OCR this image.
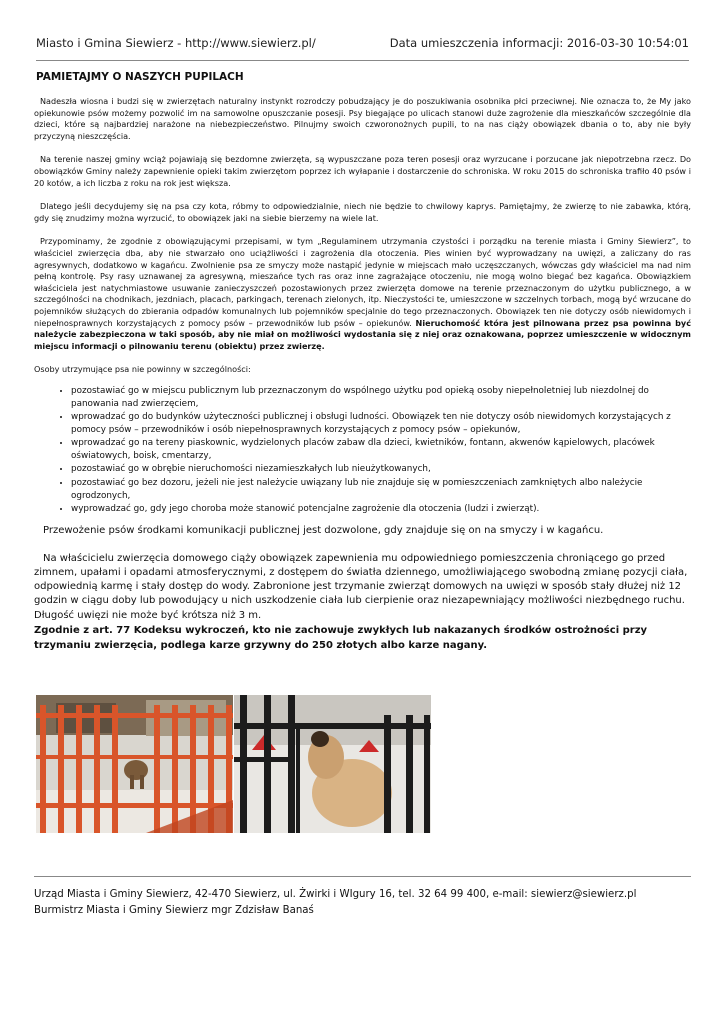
Miasto i Gmina Siewierz - http://www.siewierz.pl/	Data umieszczenia informacji: 2016-03-30 10:54:01
PAMIETAJMY O NASZYCH PUPILACH

Nadeszła wiosna i budzi się w zwierzętach naturalny instynkt rozrodczy pobudzający je do poszukiwania osobnika płci przeciwnej. Nie oznacza to, że My jako opiekunowie psów możemy pozwolić im na samowolne opuszczanie posesji. Psy biegające po ulicach stanowi duże zagrożenie dla mieszkańców szczególnie dla dzieci, które są najbardziej narażone na niebezpieczeństwo. Pilnujmy swoich czworonożnych pupili, to na nas ciąży obowiązek dbania o to, aby nie były przyczyną nieszczęścia.

Na terenie naszej gminy wciąż pojawiają się bezdomne zwierzęta, są wypuszczane poza teren posesji oraz wyrzucane i porzucane jak niepotrzebna rzecz. Do obowiązków Gminy należy zapewnienie opieki takim zwierzętom poprzez ich wyłapanie i dostarczenie do schroniska. W roku 2015 do schroniska trafiło 40 psów i 20 kotów, a ich liczba z roku na rok jest większa.

Dlatego jeśli decydujemy się na psa czy kota, róbmy to odpowiedzialnie, niech nie będzie to chwilowy kaprys. Pamiętajmy, że zwierzę to nie zabawka, którą, gdy się znudzimy można wyrzucić, to obowiązek jaki na siebie bierzemy na wiele lat.

Przypominamy, że zgodnie z obowiązującymi przepisami, w tym „Regulaminem utrzymania czystości i porządku na terenie miasta i Gminy Siewierz”, to właściciel zwierzęcia dba, aby nie stwarzało ono uciążliwości i zagrożenia dla otoczenia. Pies winien być wyprowadzany na uwięzi, a zaliczany do ras agresywnych, dodatkowo w kagańcu. Zwolnienie psa ze smyczy może nastąpić jedynie w miejscach mało uczęszczanych, wówczas gdy właściciel ma nad nim pełną kontrolę. Psy rasy uznawanej za agresywną, mieszańce tych ras oraz inne zagrażające otoczeniu, nie mogą wolno biegać bez kagańca. Obowiązkiem właściciela jest natychmiastowe usuwanie zanieczyszczeń pozostawionych przez zwierzęta domowe na terenie przeznaczonym do użytku publicznego, a w szczególności na chodnikach, jezdniach, placach, parkingach, terenach zielonych, itp. Nieczystości te, umieszczone w szczelnych torbach, mogą być wrzucane do pojemników służących do zbierania odpadów komunalnych lub pojemników specjalnie do tego przeznaczonych. Obowiązek ten nie dotyczy osób niewidomych i niepełnosprawnych korzystających z pomocy psów – przewodników lub psów – opiekunów. Nieruchomość która jest pilnowana przez psa powinna być należycie zabezpieczona w taki sposób, aby nie miał on możliwości wydostania się z niej oraz oznakowana, poprzez umieszczenie w widocznym miejscu informacji o pilnowaniu terenu (obiektu) przez zwierzę.

Osoby utrzymujące psa nie powinny w szczególności:

• pozostawiać go w miejscu publicznym lub przeznaczonym do wspólnego użytku pod opieką osoby niepełnoletniej lub niezdolnej do panowania nad zwierzęciem,
• wprowadzać go do budynków użyteczności publicznej i obsługi ludności. Obowiązek ten nie dotyczy osób niewidomych korzystających z pomocy psów – przewodników i osób niepełnosprawnych korzystających z pomocy psów – opiekunów,
• wprowadzać go na tereny piaskownic, wydzielonych placów zabaw dla dzieci, kwietników, fontann, akwenów kąpielowych, placówek oświatowych, boisk, cmentarzy,
• pozostawiać go w obrębie nieruchomości niezamieszkałych lub nieużytkowanych,
• pozostawiać go bez dozoru, jeżeli nie jest należycie uwiązany lub nie znajduje się w pomieszczeniach zamkniętych albo należycie ogrodzonych,
• wyprowadzać go, gdy jego choroba może stanowić potencjalne zagrożenie dla otoczenia (ludzi i zwierząt).

Przewożenie psów środkami komunikacji publicznej jest dozwolone, gdy znajduje się on na smyczy i w kagańcu.

Na właścicielu zwierzęcia domowego ciąży obowiązek zapewnienia mu odpowiedniego pomieszczenia chroniącego go przed zimnem, upałami i opadami atmosferycznymi, z dostępem do światła dziennego, umożliwiającego swobodną zmianę pozycji ciała, odpowiednią karmę i stały dostęp do wody. Zabronione jest trzymanie zwierząt domowych na uwięzi w sposób stały dłużej niż 12 godzin w ciągu doby lub powodujący u nich uszkodzenie ciała lub cierpienie oraz niezapewniający możliwości niezbędnego ruchu. Długość uwięzi nie może być krótsza niż 3 m.

Zgodnie z art. 77 Kodeksu wykroczeń, kto nie zachowuje zwykłych lub nakazanych środków ostrożności przy trzymaniu zwierzęcia, podlega karze grzywny do 250 złotych albo karze nagany.

Urząd Miasta i Gminy Siewierz, 42-470 Siewierz, ul. Żwirki i WIgury 16, tel. 32 64 99 400, e-mail: siewierz@siewierz.pl
Burmistrz Miasta i Gminy Siewierz mgr Zdzisław Banaś
